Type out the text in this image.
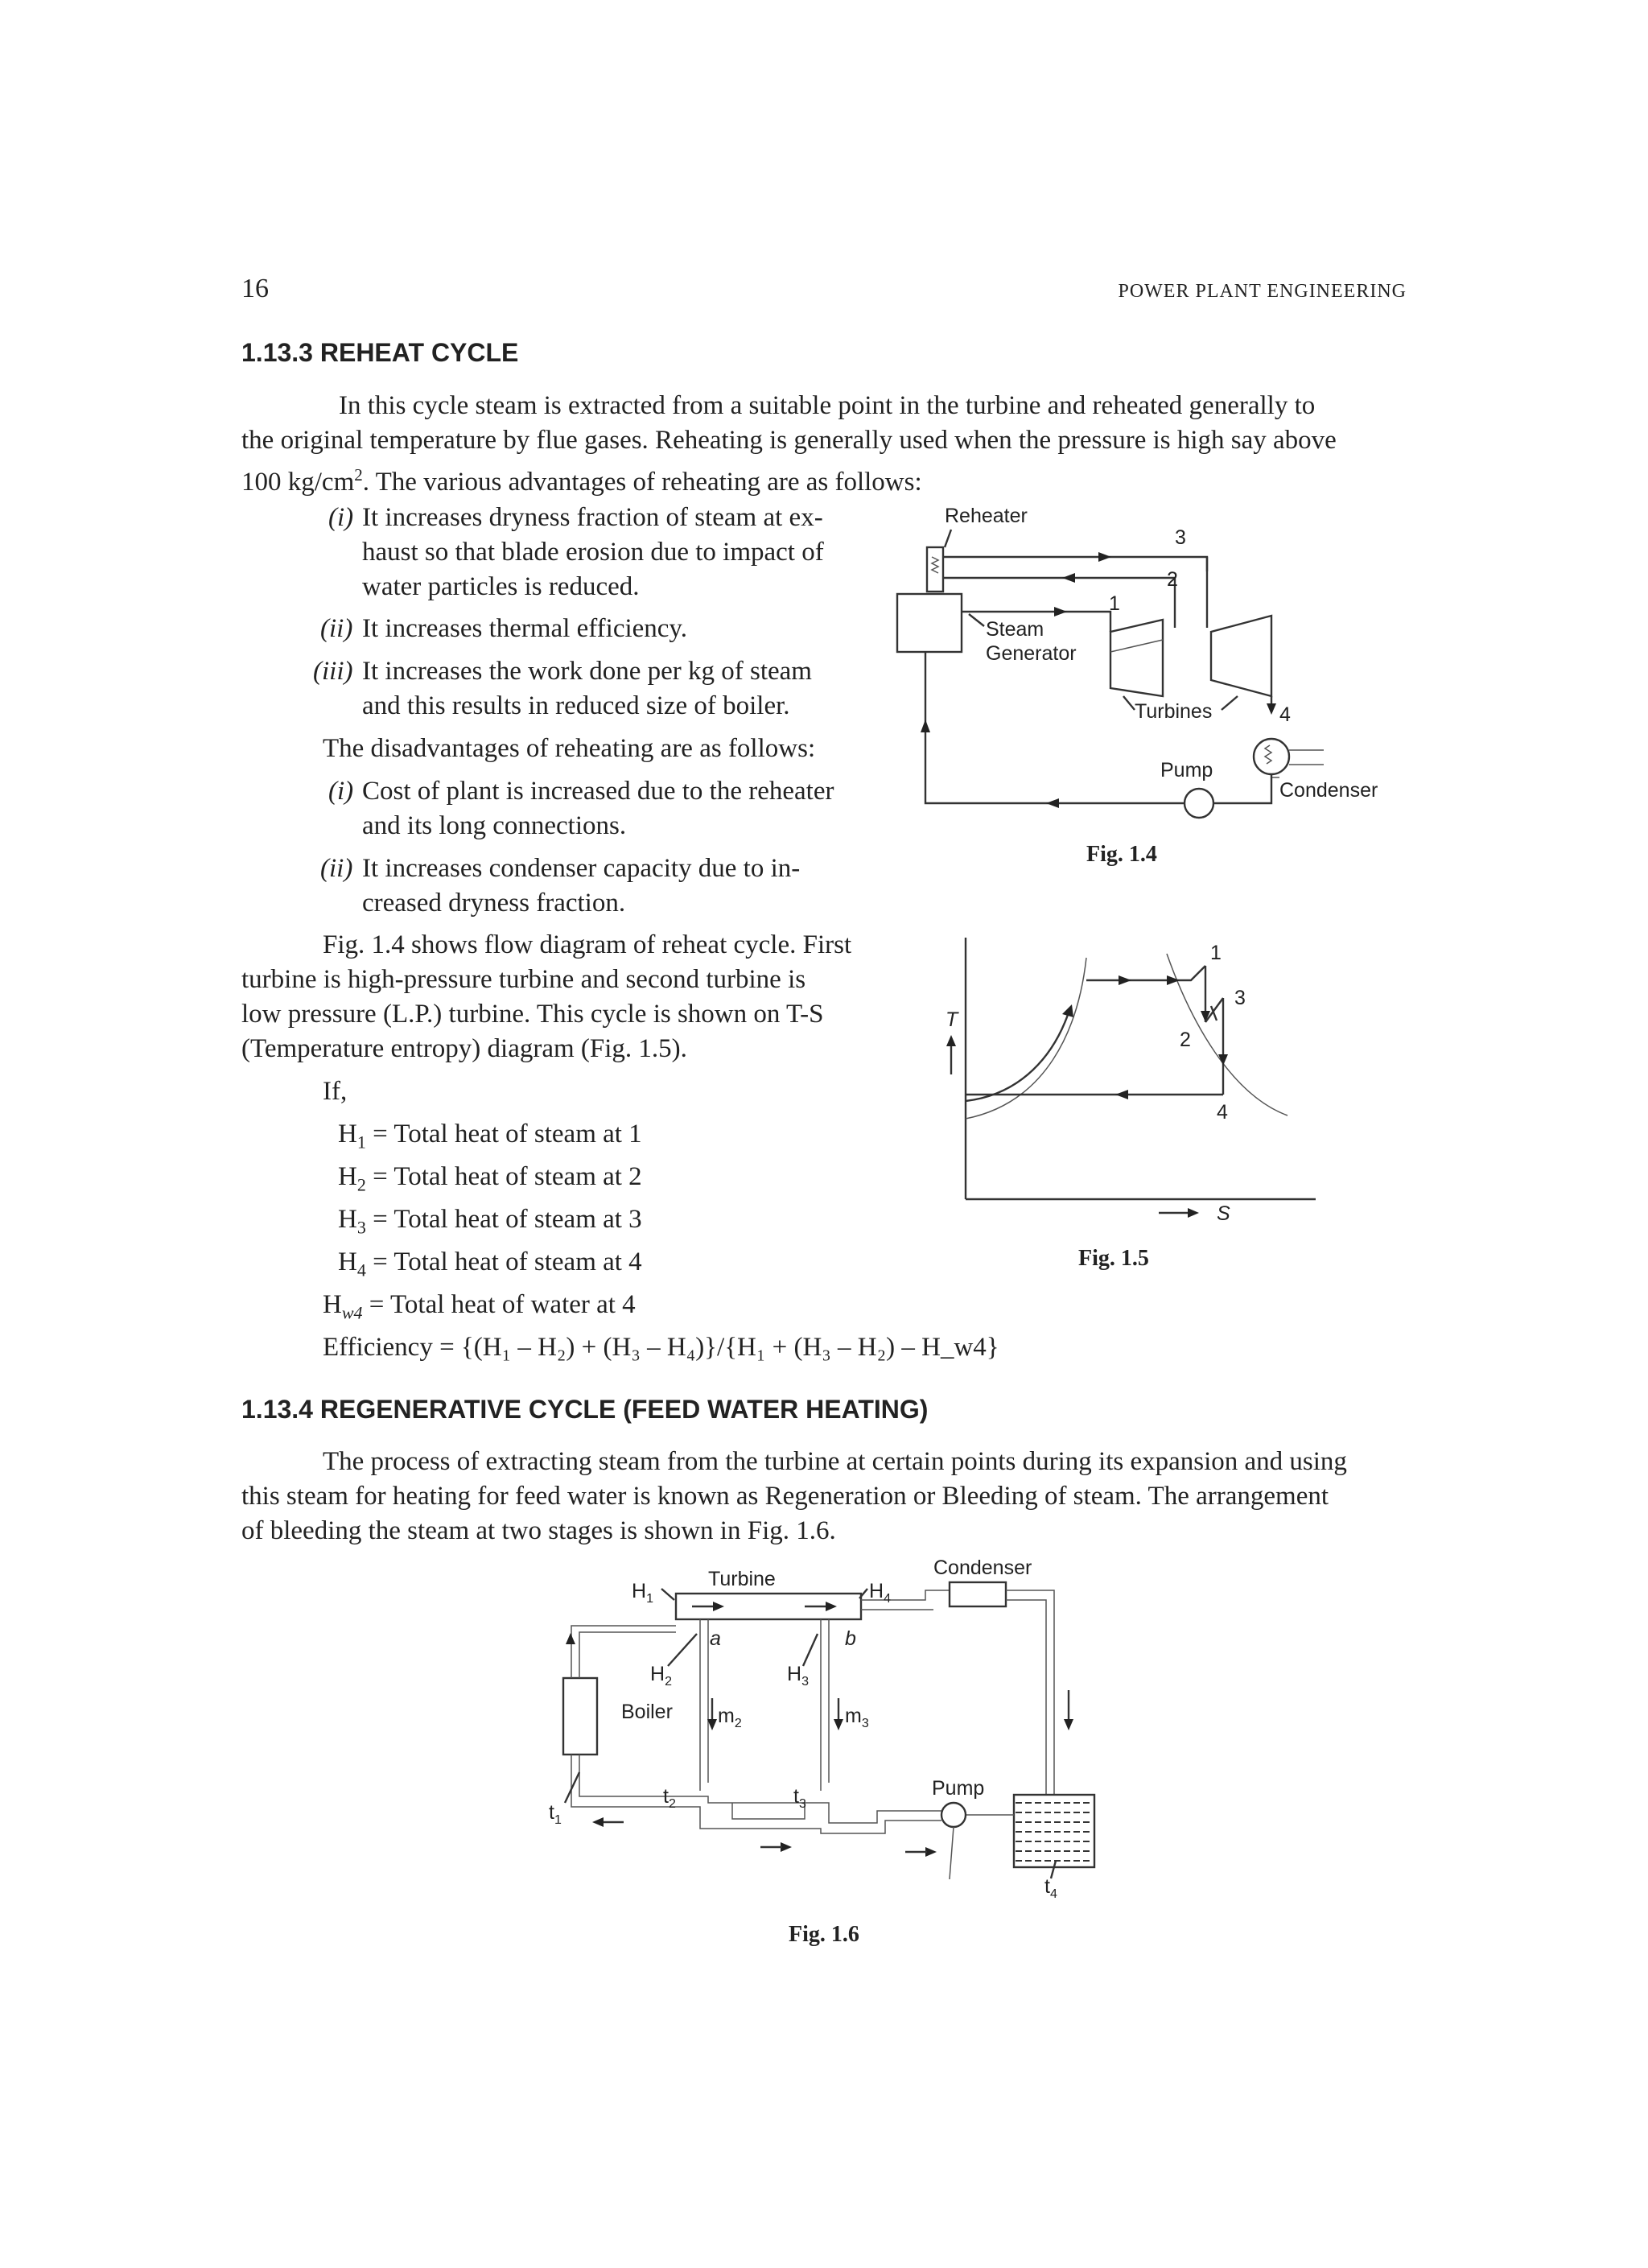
16	POWER PLANT ENGINEERING
1.13.3 REHEAT CYCLE
In this cycle steam is extracted from a suitable point in the turbine and reheated generally to
the original temperature by flue gases. Reheating is generally used when the pressure is high say above
100 $kg/cm^2$. The various advantages of reheating are as follows:
(i) It increases dryness fraction of steam at ex-
haust so that blade erosion due to impact of
water particles is reduced.
(ii) It increases thermal efficiency.
(iii) It increases the work done per kg of steam
and this results in reduced size of boiler.
The disadvantages of reheating are as follows:
(i) Cost of plant is increased due to the reheater
and its long connections.
(ii) It increases condenser capacity due to in-
creased dryness fraction.
Fig. 1.4 shows flow diagram of reheat cycle. First
turbine is high-pressure turbine and second turbine is
low pressure (L.P.) turbine. This cycle is shown on T-S
(Temperature entropy) diagram (Fig. 1.5).
If,
$H_1$ = Total heat of steam at 1
$H_2$ = Total heat of steam at 2
$H_3$ = Total heat of steam at 3
$H_4$ = Total heat of steam at 4
$H_{w4}$ = Total heat of water at 4
Efficiency = {(H₁ – H₂) + (H₃ – H₄)}/{H₁ + (H₃ – H₂) – H_w4}
Reheater
Steam
Generator
3
2
1
Turbines	4
Condenser
Pump
Fig. 1.4
T
S
1
3
2
4
Fig. 1.5
1.13.4 REGENERATIVE CYCLE (FEED WATER HEATING)
The process of extracting steam from the turbine at certain points during its expansion and using
this steam for heating for feed water is known as Regeneration or Bleeding of steam. The arrangement
of bleeding the steam at two stages is shown in Fig. 1.6.
Turbine
Boiler
Condenser
Pump
$H_1$	$H_4$
$H_2$	$H_3$
a	b
$m_2$	$m_3$
$t_1$
$t_2$	$t_3$
$t_4$
Fig. 1.6
